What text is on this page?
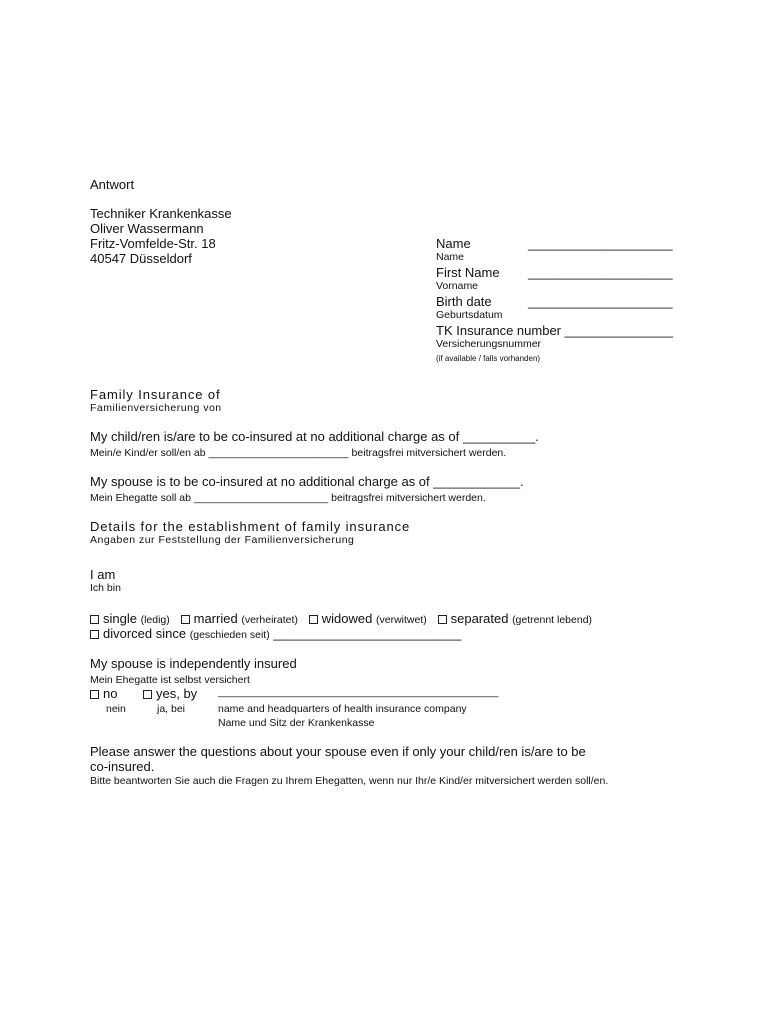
Antwort
Techniker Krankenkasse
Oliver Wassermann
Fritz-Vomfelde-Str. 18
40547 Düsseldorf
Name	____________________
Name
First Name ____________________
Vorname
Birth date	____________________
Geburtsdatum
TK Insurance number _______________
Versicherungsnummer
(if available / falls vorhanden)
Family Insurance of
Familienversicherung von
My child/ren is/are to be co-insured at no additional charge as of __________.
Mein/e Kind/er soll/en ab ________________________ beitragsfrei mitversichert werden.
My spouse is to be co-insured at no additional charge as of ____________.
Mein Ehegatte soll ab _______________________ beitragsfrei mitversichert werden.
Details for the establishment of family insurance
Angaben zur Feststellung der Familienversicherung
I am
Ich bin
single (ledig) married (verheiratet) widowed (verwitwet) separated (getrennt lebend)
divorced since (geschieden seit) __________________________
My spouse is independently insured
Mein Ehegatte ist selbst versichert
no	yes, by ________________________________________________
nein	ja, bei	name and headquarters of health insurance company
Name und Sitz der Krankenkasse
Please answer the questions about your spouse even if only your child/ren is/are to be
co-insured.
Bitte beantworten Sie auch die Fragen zu Ihrem Ehegatten, wenn nur Ihr/e Kind/er mitversichert werden soll/en.
